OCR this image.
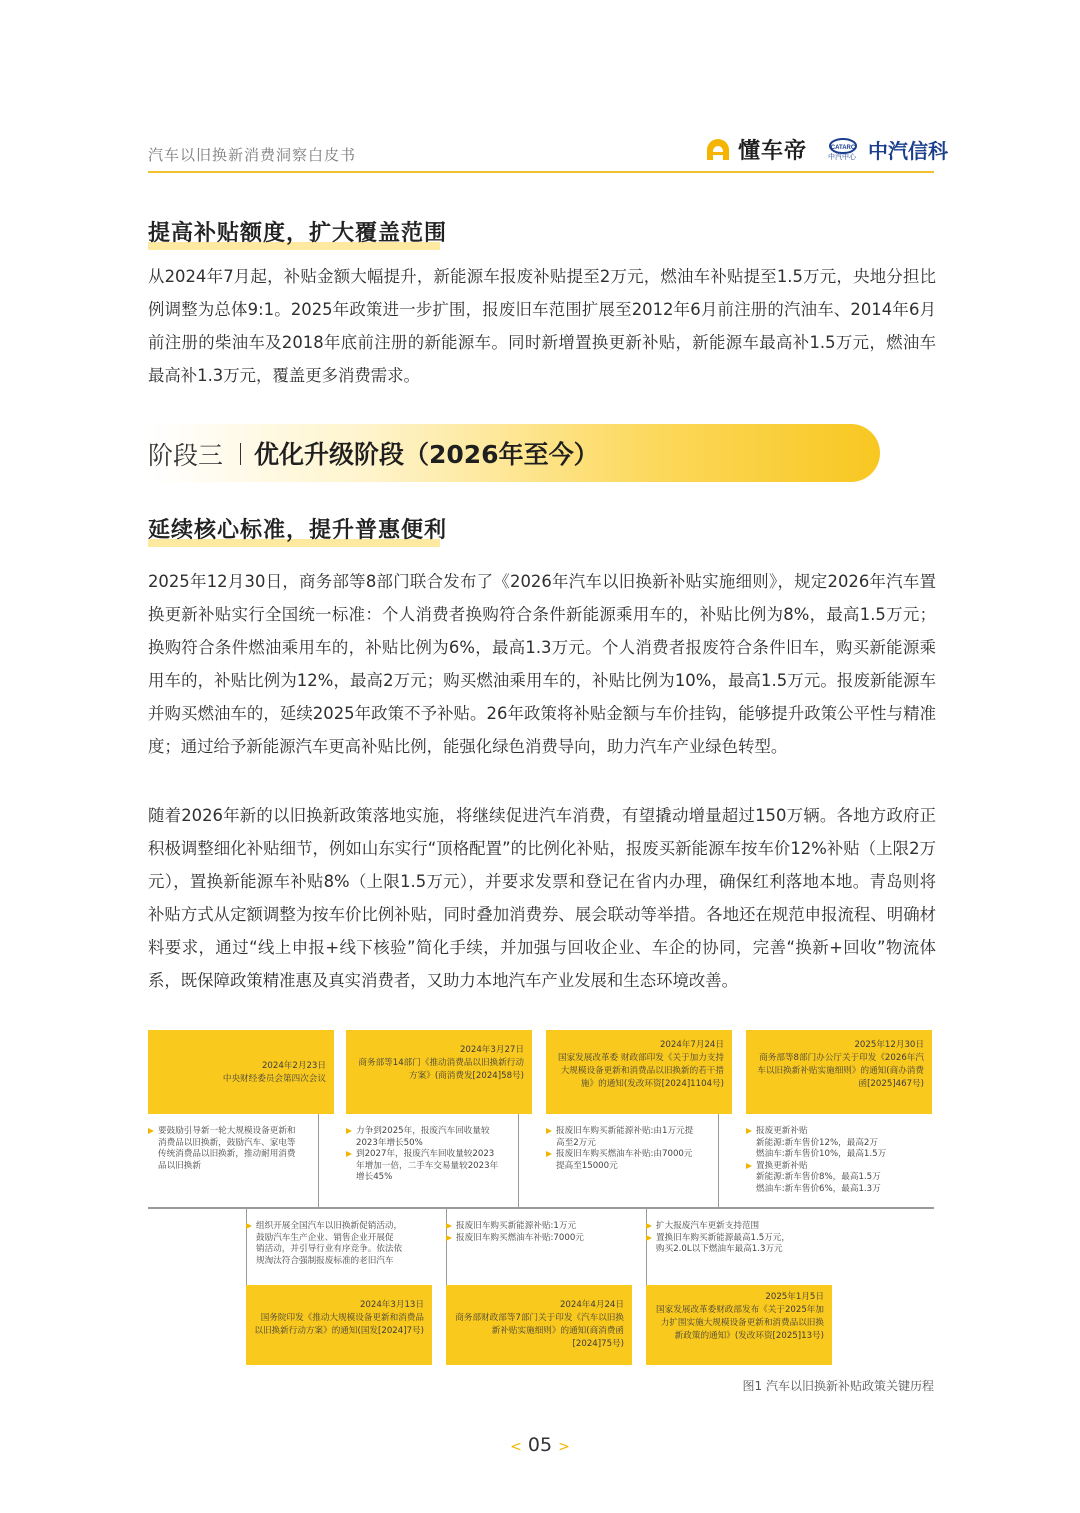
汽车以旧换新消费洞察白皮书	懂车帝	CATARC
中汽中心 中汽信科
提高补贴额度，扩大覆盖范围
从2024年7月起，补贴金额大幅提升，新能源车报废补贴提至2万元，燃油车补贴提至1.5万元，央地分担比例调整为总体9:1。2025年政策进一步扩围，报废旧车范围扩展至2012年6月前注册的汽油车、2014年6月前注册的柴油车及2018年底前注册的新能源车。同时新增置换更新补贴，新能源车最高补1.5万元，燃油车最高补1.3万元，覆盖更多消费需求。
阶段三 优化升级阶段（2026年至今）
延续核心标准，提升普惠便利
2025年12月30日，商务部等8部门联合发布了《2026年汽车以旧换新补贴实施细则》，规定2026年汽车置换更新补贴实行全国统一标准：个人消费者换购符合条件新能源乘用车的，补贴比例为8%，最高1.5万元；换购符合条件燃油乘用车的，补贴比例为6%，最高1.3万元。个人消费者报废符合条件旧车，购买新能源乘用车的，补贴比例为12%，最高2万元；购买燃油乘用车的，补贴比例为10%，最高1.5万元。报废新能源车并购买燃油车的，延续2025年政策不予补贴。26年政策将补贴金额与车价挂钩，能够提升政策公平性与精准度；通过给予新能源汽车更高补贴比例，能强化绿色消费导向，助力汽车产业绿色转型。
随着2026年新的以旧换新政策落地实施，将继续促进汽车消费，有望撬动增量超过150万辆。各地方政府正积极调整细化补贴细节，例如山东实行“顶格配置”的比例化补贴，报废买新能源车按车价12%补贴（上限2万元），置换新能源车补贴8%（上限1.5万元），并要求发票和登记在省内办理，确保红利落地本地。青岛则将补贴方式从定额调整为按车价比例补贴，同时叠加消费券、展会联动等举措。各地还在规范申报流程、明确材料要求，通过“线上申报+线下核验”简化手续，并加强与回收企业、车企的协同，完善“换新+回收”物流体系，既保障政策精准惠及真实消费者，又助力本地汽车产业发展和生态环境改善。
2024年2月23日
中央财经委员会第四次会议
2024年3月27日
商务部等14部门《推动消费品以旧换新行动方案》(商消费发[2024]58号)
2024年7月24日
国家发展改革委 财政部印发《关于加力支持大规模设备更新和消费品以旧换新的若干措施》的通知(发改环资[2024]1104号)
2025年12月30日
商务部等8部门办公厅关于印发《2026年汽车以旧换新补贴实施细则》的通知(商办消费函[2025]467号)
要鼓励引导新一轮大规模设备更新和
消费品以旧换新，鼓励汽车、家电等
传统消费品以旧换新，推动耐用消费
品以旧换新
力争到2025年，报废汽车回收量较
2023年增长50%
到2027年，报废汽车回收量较2023
年增加一倍，二手车交易量较2023年
增长45%
报废旧车购买新能源补贴:由1万元提
高至2万元
报废旧车购买燃油车补贴:由7000元
提高至15000元
报废更新补贴
新能源:新车售价12%，最高2万
燃油车:新车售价10%，最高1.5万
置换更新补贴
新能源:新车售价8%，最高1.5万
燃油车:新车售价6%，最高1.3万
组织开展全国汽车以旧换新促销活动，
鼓励汽车生产企业、销售企业开展促
销活动，并引导行业有序竞争。依法依
规淘汰符合强制报废标准的老旧汽车
报废旧车购买新能源补贴:1万元
报废旧车购买燃油车补贴:7000元
扩大报废汽车更新支持范围
置换旧车购买新能源最高1.5万元，
购买2.0L以下燃油车最高1.3万元
2024年3月13日
国务院印发《推动大规模设备更新和消费品以旧换新行动方案》的通知(国发[2024]7号)
2024年4月24日
商务部财政部等7部门关于印发《汽车以旧换新补贴实施细则》的通知(商消费函[2024]75号)
2025年1月5日
国家发展改革委财政部发布《关于2025年加力扩围实施大规模设备更新和消费品以旧换新政策的通知》(发改环资[2025]13号)
图1 汽车以旧换新补贴政策关键历程
< 05 >
